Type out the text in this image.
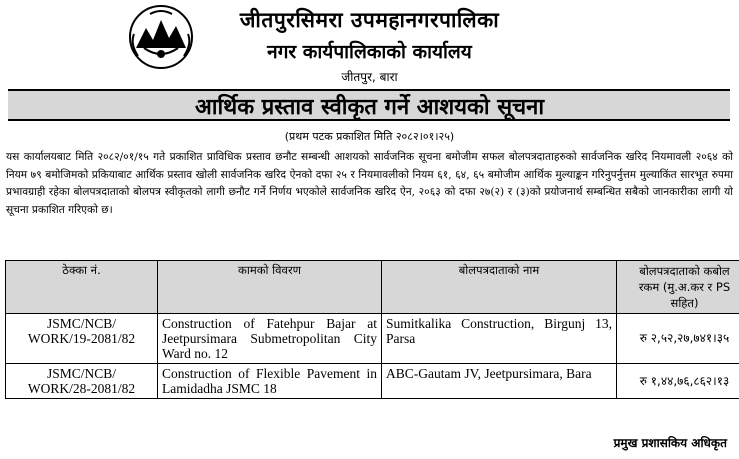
जीतपुरसिमरा उपमहानगरपालिका
नगर कार्यपालिकाको कार्यालय
जीतपुर, बारा
आर्थिक प्रस्ताव स्वीकृत गर्ने आशयको सूचना
(प्रथम पटक प्रकाशित मिति २०८२।०१।२५)
यस कार्यालयबाट मिति २०८२/०१/१५ गते प्रकाशित प्राविधिक प्रस्ताव छनौट सम्बन्धी आशयको सार्वजनिक सूचना बमोजीम सफल बोलपत्रदाताहरुको सार्वजनिक खरिद नियमावली २०६४ को नियम ७९ बमोजिमको प्रकियाबाट आर्थिक प्रस्ताव खोली सार्वजनिक खरिद ऐनको दफा २५ र नियमावलीको नियम ६१, ६४, ६५ बमोजीम आर्थिक मुल्याङ्कन गरिनुपर्नुत्तम मुल्याकिंत सारभूत रुपमा प्रभावग्राही रहेका बोलपत्रदाताको बोलपत्र स्वीकृतको लागी छनौट गर्ने निर्णय भएकोले सार्वजनिक खरिद ऐन, २०६३ को दफा २७(२) र (३)को प्रयोजनार्थ सम्बन्धित सबैको जानकारीका लागी यो सूचना प्रकाशित गरिएको छ।
ठेक्का नं.	कामको विवरण	बोलपत्रदाताको नाम	बोलपत्रदाताको कबोल
रकम (मु.अ.कर र PS
सहित)

JSMC/NCB/
WORK/19-2081/82	Construction of Fatehpur Bajar at Jeetpursimara Submetropolitan City Ward no. 12	Sumitkalika Construction, Birgunj 13, Parsa	रु २,५२,२७,७४१।३५

JSMC/NCB/
WORK/28-2081/82	Construction of Flexible Pavement in Lamidadha JSMC 18	ABC-Gautam JV, Jeetpursimara, Bara	रु १,४४,७६,८६२।१३
प्रमुख प्रशासकिय अधिकृत
